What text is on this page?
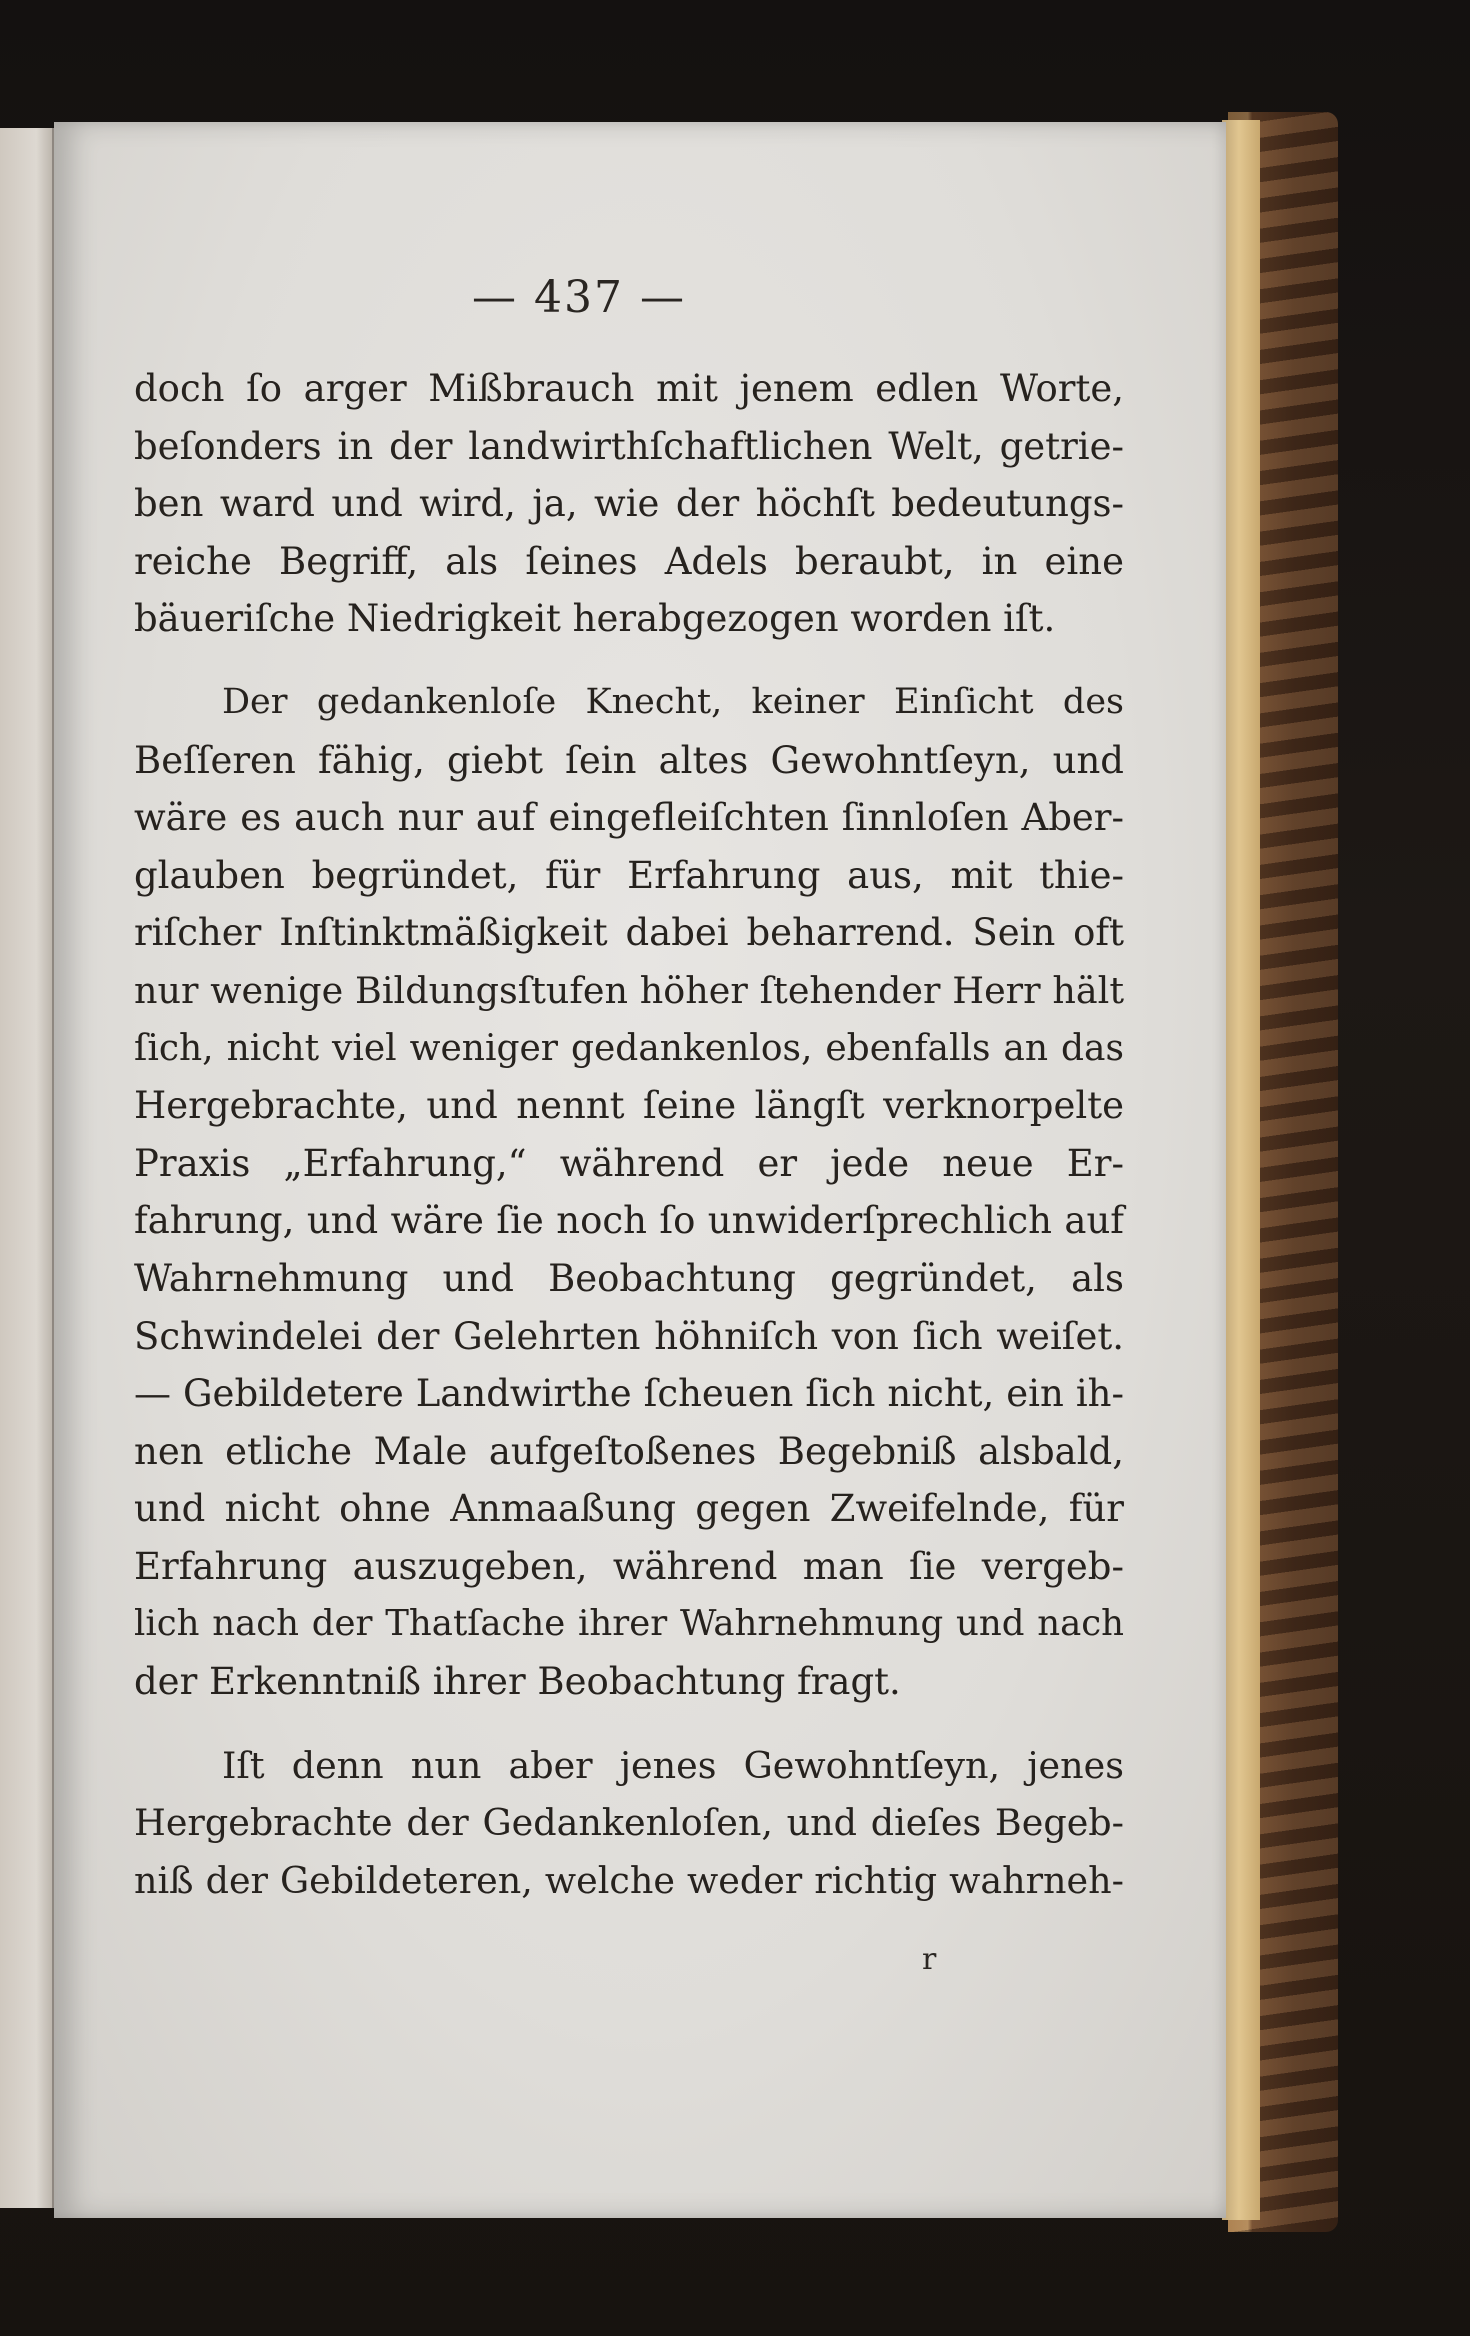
— 437 —
doch ſo arger Mißbrauch mit jenem edlen Worte,
beſonders in der landwirthſchaftlichen Welt, getrie-
ben ward und wird, ja, wie der höchſt bedeutungs-
reiche Begriff, als ſeines Adels beraubt, in eine
bäueriſche Niedrigkeit herabgezogen worden iſt.
Der gedankenloſe Knecht, keiner Einſicht des
Beſſeren fähig, giebt ſein altes Gewohntſeyn, und
wäre es auch nur auf eingefleiſchten ſinnloſen Aber-
glauben begründet, für Erfahrung aus, mit thie-
riſcher Inſtinktmäßigkeit dabei beharrend. Sein oft
nur wenige Bildungsſtufen höher ſtehender Herr hält
ſich, nicht viel weniger gedankenlos, ebenfalls an das
Hergebrachte, und nennt ſeine längſt verknorpelte
Praxis „Erfahrung,“ während er jede neue Er-
fahrung, und wäre ſie noch ſo unwiderſprechlich auf
Wahrnehmung und Beobachtung gegründet, als
Schwindelei der Gelehrten höhniſch von ſich weiſet.
— Gebildetere Landwirthe ſcheuen ſich nicht, ein ih-
nen etliche Male aufgeſtoßenes Begebniß alsbald,
und nicht ohne Anmaaßung gegen Zweifelnde, für
Erfahrung auszugeben, während man ſie vergeb-
lich nach der Thatſache ihrer Wahrnehmung und nach
der Erkenntniß ihrer Beobachtung fragt.
Iſt denn nun aber jenes Gewohntſeyn, jenes
Hergebrachte der Gedankenloſen, und dieſes Begeb-
niß der Gebildeteren, welche weder richtig wahrneh-
r
